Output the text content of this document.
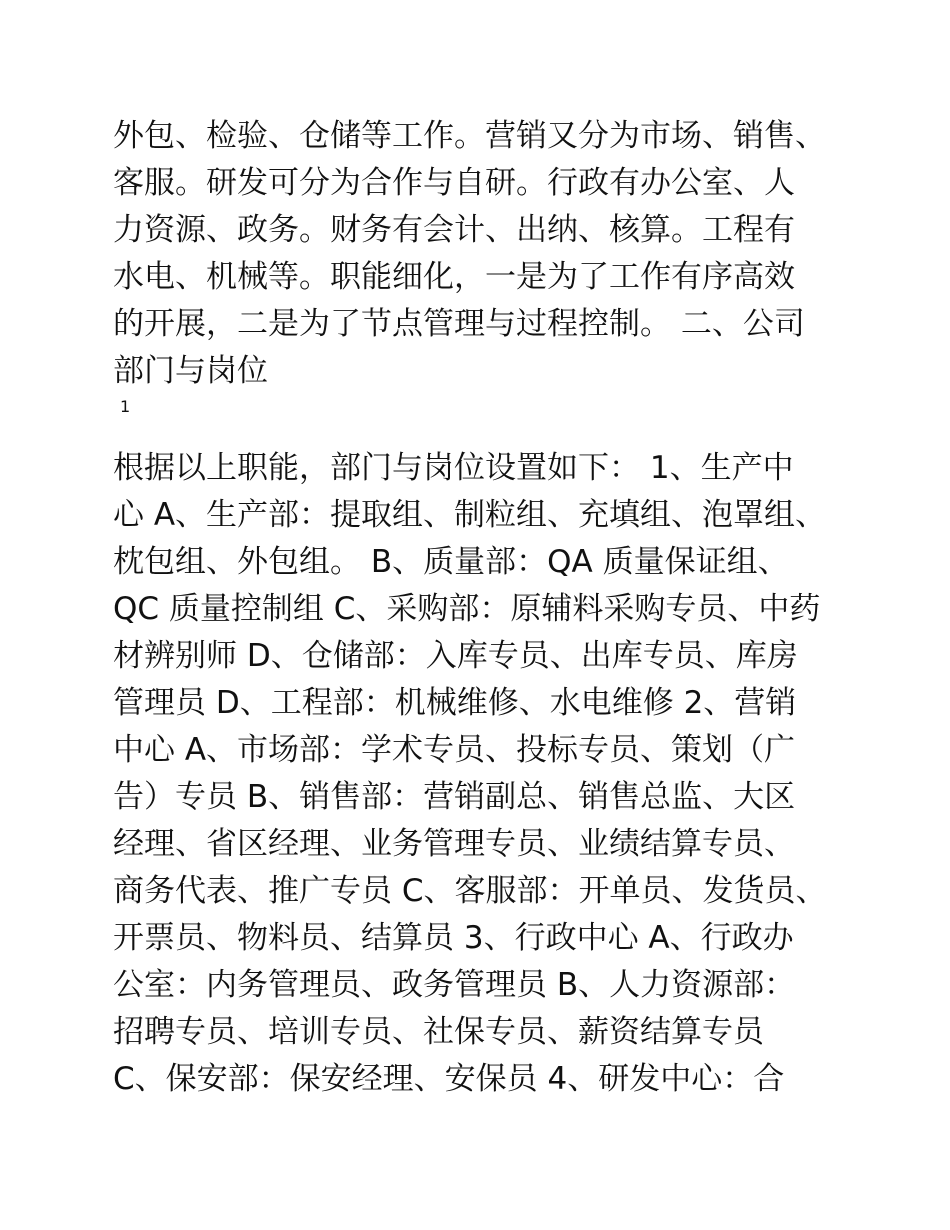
外包、检验、仓储等工作。营销又分为市场、销售、
客服。研发可分为合作与自研。行政有办公室、人
力资源、政务。财务有会计、出纳、核算。工程有
水电、机械等。职能细化，一是为了工作有序高效
的开展，二是为了节点管理与过程控制。 二、公司
部门与岗位
1
根据以上职能，部门与岗位设置如下： 1、生产中
心 A、生产部：提取组、制粒组、充填组、泡罩组、
枕包组、外包组。 B、质量部：QA 质量保证组、
QC 质量控制组 C、采购部：原辅料采购专员、中药
材辨别师 D、仓储部：入库专员、出库专员、库房
管理员 D、工程部：机械维修、水电维修 2、营销
中心 A、市场部：学术专员、投标专员、策划（广
告）专员 B、销售部：营销副总、销售总监、大区
经理、省区经理、业务管理专员、业绩结算专员、
商务代表、推广专员 C、客服部：开单员、发货员、
开票员、物料员、结算员 3、行政中心 A、行政办
公室：内务管理员、政务管理员 B、人力资源部：
招聘专员、培训专员、社保专员、薪资结算专员
C、保安部：保安经理、安保员 4、研发中心：合
